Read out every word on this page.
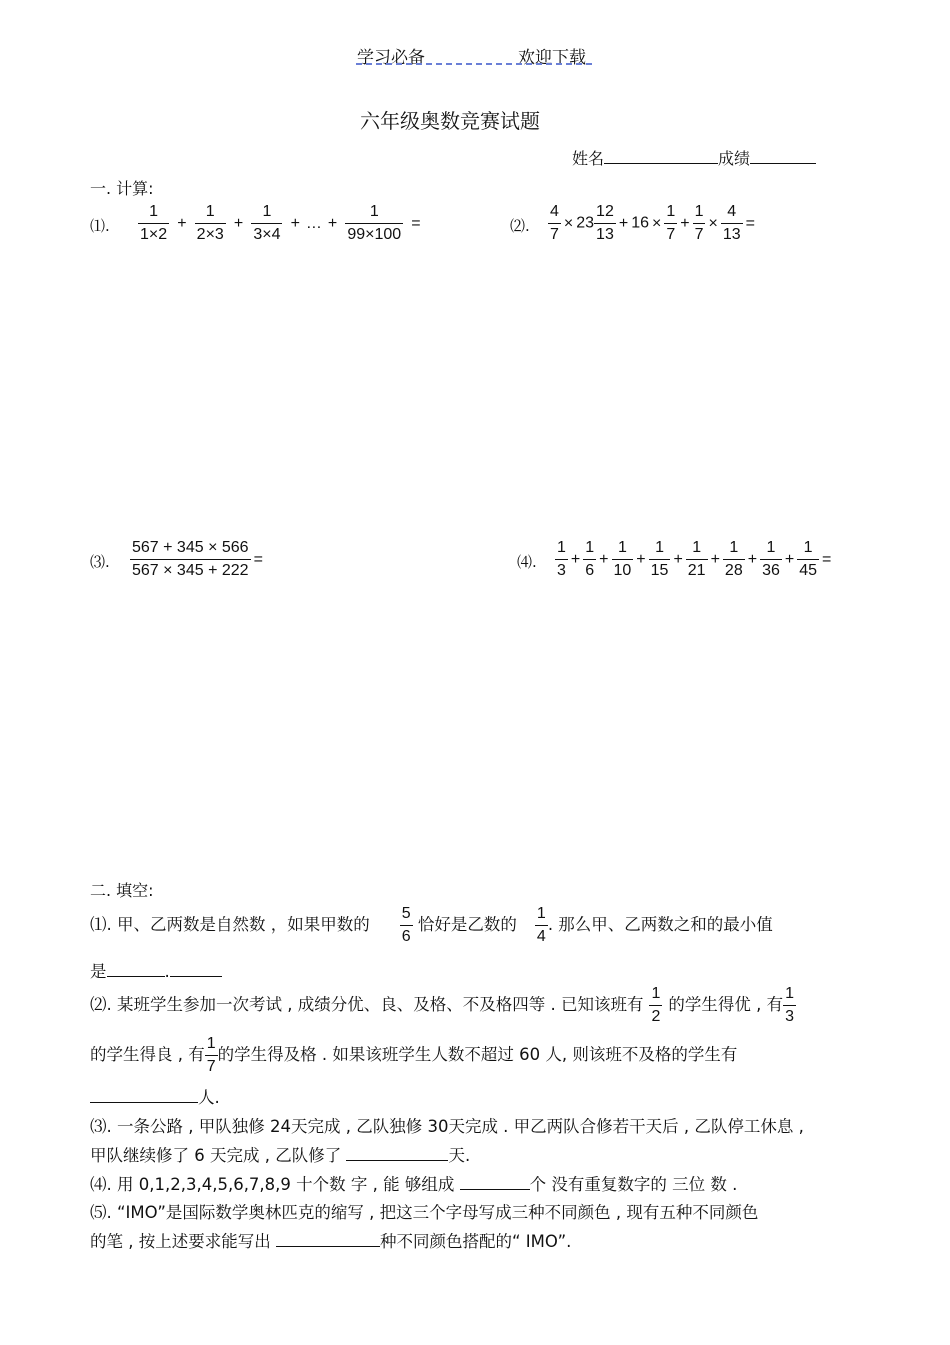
学习必备	欢迎下载
六年级奥数竞赛试题
姓名	成绩
一. 计算:
⑴. $\frac{1}{1\times 2} + \frac{1}{2\times 3} + \frac{1}{3\times 4}$ + … + $\frac{1}{99\times 100}$ =	⑵. $\frac{4}{7} \times 23 \frac{12}{13} + 16 \times \frac{1}{7} + \frac{1}{7} \times \frac{4}{13}$ =
⑶. $\frac{567 + 345 \times 566}{567 \times 345 + 222}$ =	⑷. $\frac{1}{3} + \frac{1}{6} + \frac{1}{10} + \frac{1}{15} + \frac{1}{21} + \frac{1}{28} + \frac{1}{36} + \frac{1}{45}$ =
二. 填空:
⑴. 甲、乙两数是自然数 ，如果甲数的 $\frac{5}{6}$ 恰好是乙数的 $\frac{1}{4}$ . 那么甲、乙两数之和的最小值
是	.
⑵. 某班学生参加一次考试 , 成绩分优、良、及格、不及格四等 . 已知该班有 $\frac{1}{2}$ 的学生得优 , 有 $\frac{1}{3}$
的学生得良 , 有 $\frac{1}{7}$ 的学生得及格 . 如果该班学生人数不超过 60 人, 则该班不及格的学生有
人.
⑶. 一条公路 , 甲队独修 24天完成 , 乙队独修 30天完成 . 甲乙两队合修若干天后 , 乙队停工休息 ,
甲队继续修了 6 天完成 , 乙队修了	天.
⑷. 用 0,1,2,3,4,5,6,7,8,9 十个数 字 , 能 够组成	个 没有重复数字的 三位 数 .
⑸. “IMO”是国际数学奥林匹克的缩写 , 把这三个字母写成三种不同颜色 , 现有五种不同颜色
的笔 , 按上述要求能写出	种不同颜色搭配的“ IMO”.
